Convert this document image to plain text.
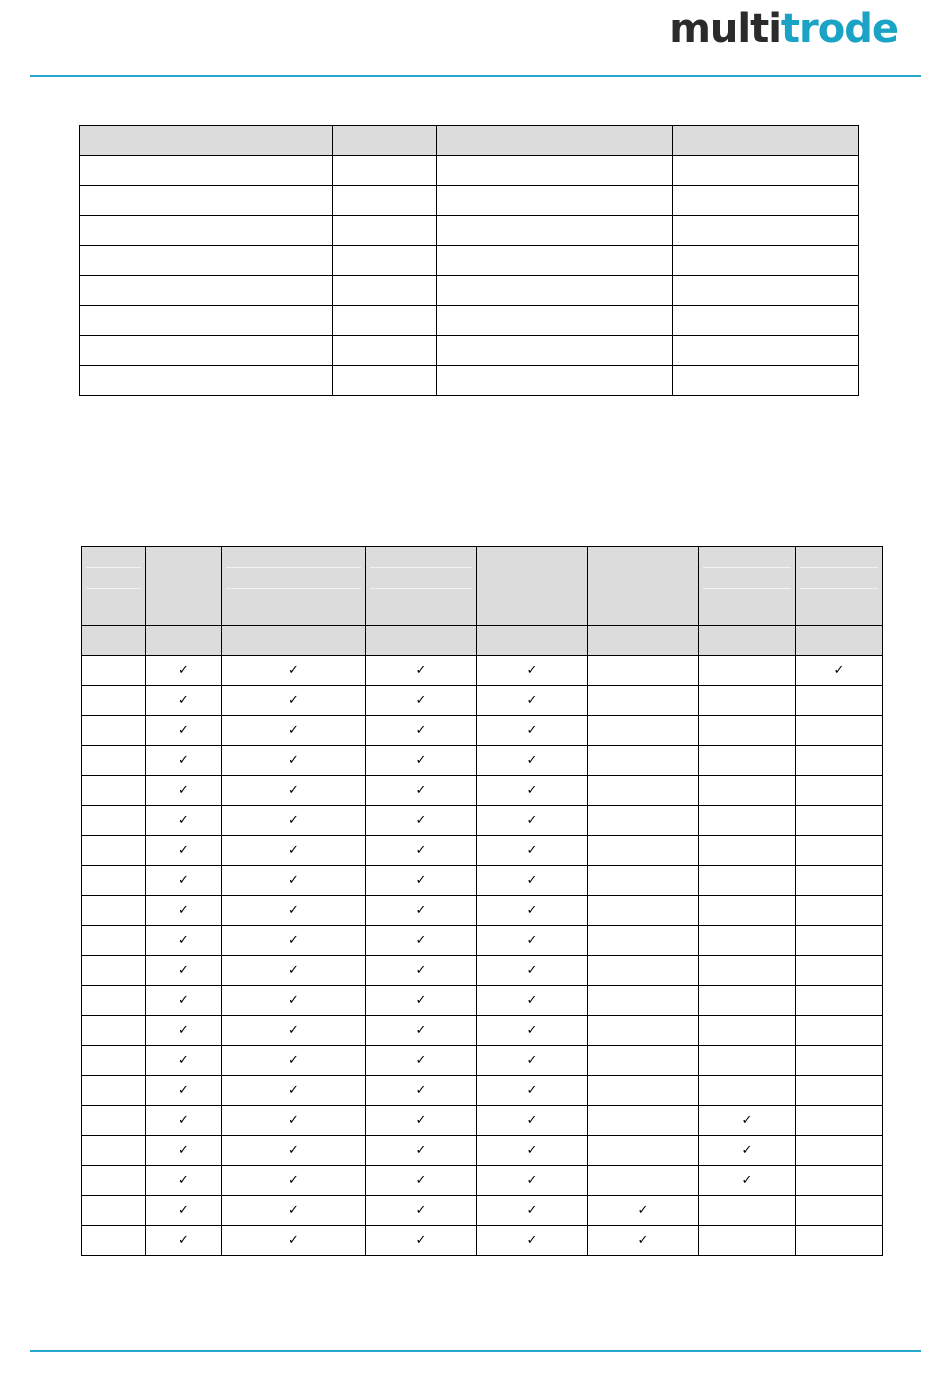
multitrode

	✓	✓	✓	✓			✓
	✓	✓	✓	✓			
	✓	✓	✓	✓			
	✓	✓	✓	✓			
	✓	✓	✓	✓			
	✓	✓	✓	✓			
	✓	✓	✓	✓			
	✓	✓	✓	✓			
	✓	✓	✓	✓			
	✓	✓	✓	✓			
	✓	✓	✓	✓			
	✓	✓	✓	✓			
	✓	✓	✓	✓			
	✓	✓	✓	✓			
	✓	✓	✓	✓			
	✓	✓	✓	✓		✓	
	✓	✓	✓	✓		✓	
	✓	✓	✓	✓		✓	
	✓	✓	✓	✓	✓		
	✓	✓	✓	✓	✓		
